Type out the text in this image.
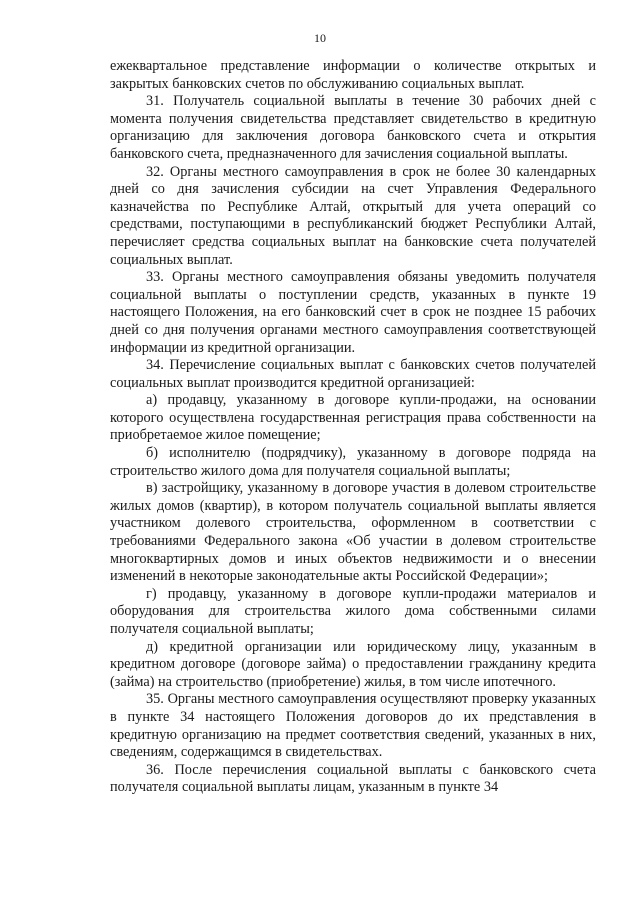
10

ежеквартальное представление информации о количестве открытых и закрытых банковских счетов по обслуживанию социальных выплат.

31. Получатель социальной выплаты в течение 30 рабочих дней с момента получения свидетельства представляет свидетельство в кредитную организацию для заключения договора банковского счета и открытия банковского счета, предназначенного для зачисления социальной выплаты.

32. Органы местного самоуправления в срок не более 30 календарных дней со дня зачисления субсидии на счет Управления Федерального казначейства по Республике Алтай, открытый для учета операций со средствами, поступающими в республиканский бюджет Республики Алтай, перечисляет средства социальных выплат на банковские счета получателей социальных выплат.

33. Органы местного самоуправления обязаны уведомить получателя социальной выплаты о поступлении средств, указанных в пункте 19 настоящего Положения, на его банковский счет в срок не позднее 15 рабочих дней со дня получения органами местного самоуправления соответствующей информации из кредитной организации.

34. Перечисление социальных выплат с банковских счетов получателей социальных выплат производится кредитной организацией:

а) продавцу, указанному в договоре купли-продажи, на основании которого осуществлена государственная регистрация права собственности на приобретаемое жилое помещение;

б) исполнителю (подрядчику), указанному в договоре подряда на строительство жилого дома для получателя социальной выплаты;

в) застройщику, указанному в договоре участия в долевом строительстве жилых домов (квартир), в котором получатель социальной выплаты является участником долевого строительства, оформленном в соответствии с требованиями Федерального закона «Об участии в долевом строительстве многоквартирных домов и иных объектов недвижимости и о внесении изменений в некоторые законодательные акты Российской Федерации»;

г) продавцу, указанному в договоре купли-продажи материалов и оборудования для строительства жилого дома собственными силами получателя социальной выплаты;

д) кредитной организации или юридическому лицу, указанным в кредитном договоре (договоре займа) о предоставлении гражданину кредита (займа) на строительство (приобретение) жилья, в том числе ипотечного.

35. Органы местного самоуправления осуществляют проверку указанных в пункте 34 настоящего Положения договоров до их представления в кредитную организацию на предмет соответствия сведений, указанных в них, сведениям, содержащимся в свидетельствах.

36. После перечисления социальной выплаты с банковского счета получателя социальной выплаты лицам, указанным в пункте 34
